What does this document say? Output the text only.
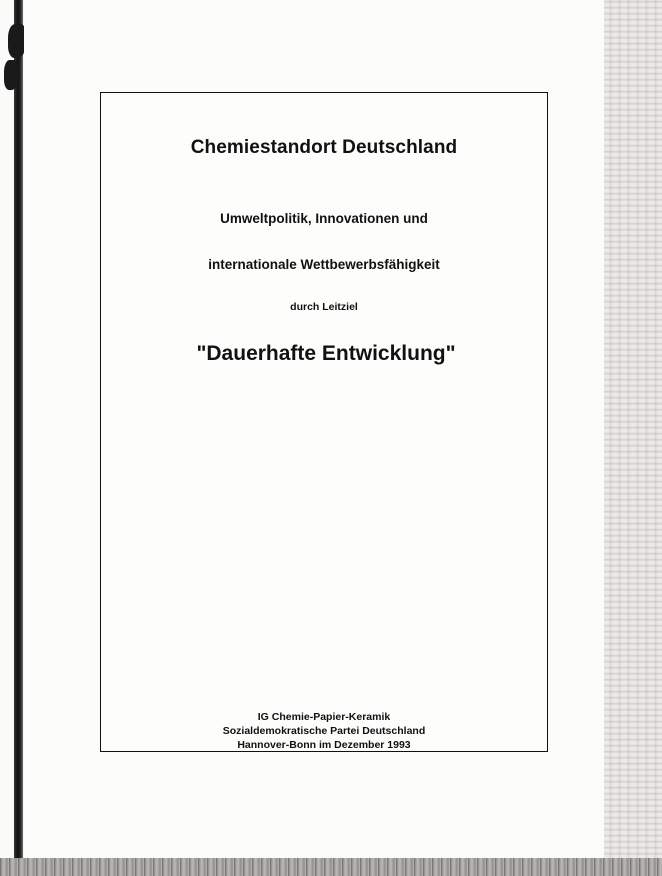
Chemiestandort Deutschland
Umweltpolitik, Innovationen und
internationale Wettbewerbsfähigkeit
durch Leitziel
"Dauerhafte Entwicklung"
IG Chemie-Papier-Keramik
Sozialdemokratische Partei Deutschland
Hannover-Bonn im Dezember 1993
